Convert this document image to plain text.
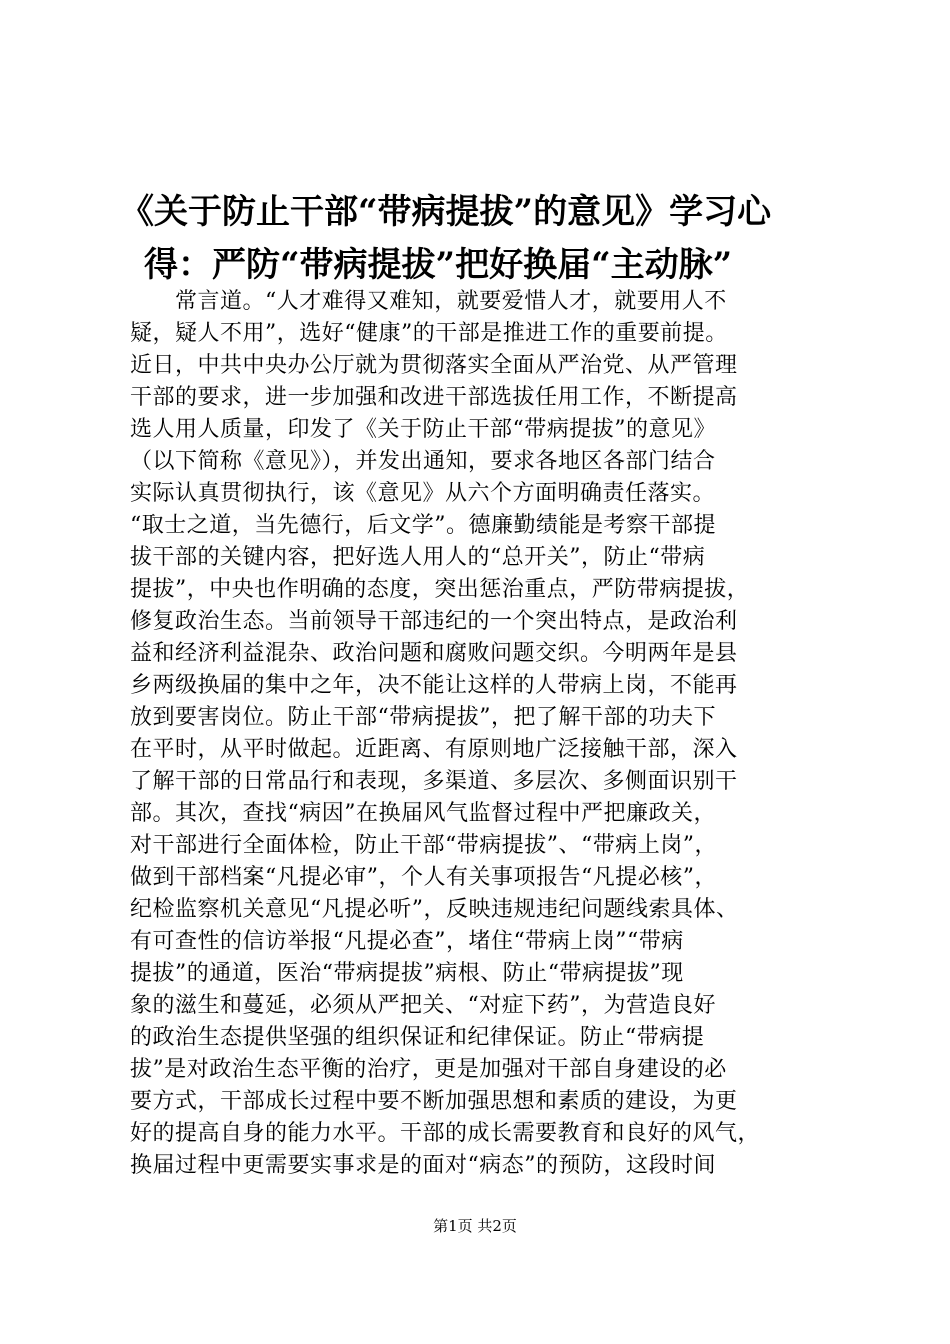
《关于防止干部“带病提拔”的意见》学习心
得：严防“带病提拔”把好换届“主动脉”
　　常言道。“人才难得又难知，就要爱惜人才，就要用人不
疑，疑人不用”，选好“健康”的干部是推进工作的重要前提。
近日，中共中央办公厅就为贯彻落实全面从严治党、从严管理
干部的要求，进一步加强和改进干部选拔任用工作，不断提高
选人用人质量，印发了《关于防止干部“带病提拔”的意见》
（以下简称《意见》），并发出通知，要求各地区各部门结合
实际认真贯彻执行，该《意见》从六个方面明确责任落实。
“取士之道，当先德行，后文学”。德廉勤绩能是考察干部提
拔干部的关键内容，把好选人用人的“总开关”，防止“带病
提拔”，中央也作明确的态度，突出惩治重点，严防带病提拔，
修复政治生态。当前领导干部违纪的一个突出特点，是政治利
益和经济利益混杂、政治问题和腐败问题交织。今明两年是县
乡两级换届的集中之年，决不能让这样的人带病上岗，不能再
放到要害岗位。防止干部“带病提拔”，把了解干部的功夫下
在平时，从平时做起。近距离、有原则地广泛接触干部，深入
了解干部的日常品行和表现，多渠道、多层次、多侧面识别干
部。其次，查找“病因”在换届风气监督过程中严把廉政关，
对干部进行全面体检，防止干部“带病提拔”、“带病上岗”，
做到干部档案“凡提必审”，个人有关事项报告“凡提必核”，
纪检监察机关意见“凡提必听”，反映违规违纪问题线索具体、
有可查性的信访举报“凡提必查”，堵住“带病上岗”“带病
提拔”的通道，医治“带病提拔”病根、防止“带病提拔”现
象的滋生和蔓延，必须从严把关、“对症下药”，为营造良好
的政治生态提供坚强的组织保证和纪律保证。防止“带病提
拔”是对政治生态平衡的治疗，更是加强对干部自身建设的必
要方式，干部成长过程中要不断加强思想和素质的建设，为更
好的提高自身的能力水平。干部的成长需要教育和良好的风气，
换届过程中更需要实事求是的面对“病态”的预防，这段时间
第1页 共2页
